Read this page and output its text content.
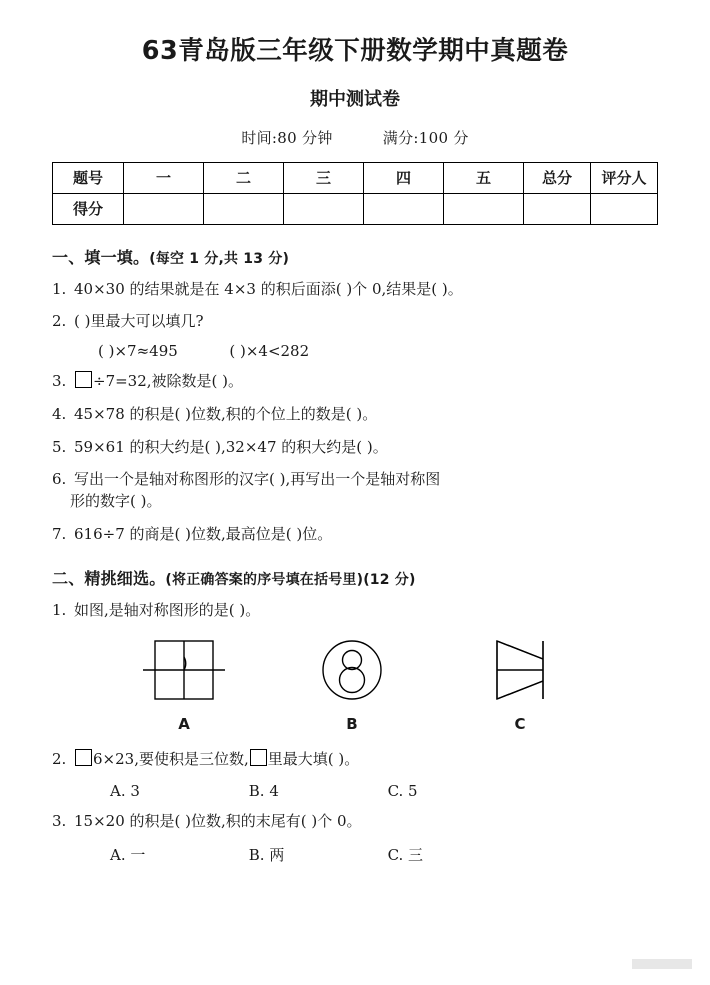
63青岛版三年级下册数学期中真题卷
期中测试卷
时间:80 分钟	满分:100 分
题号	一	二	三	四	五	总分	评分人
得分							
一、填一填。(每空 1 分,共 13 分)
1. 40×30 的结果就是在 4×3 的积后面添( )个 0,结果是( )。
2. ( )里最大可以填几?
( )×7≈495	( )×4<282
3. ÷7=32,被除数是( )。
4. 45×78 的积是( )位数,积的个位上的数是( )。
5. 59×61 的积大约是( ),32×47 的积大约是( )。
6. 写出一个是轴对称图形的汉字( ),再写出一个是轴对称图
形的数字( )。
7. 616÷7 的商是( )位数,最高位是( )位。
二、精挑细选。(将正确答案的序号填在括号里)(12 分)
1. 如图,是轴对称图形的是( )。
A	B	C
2. 6×23,要使积是三位数, 里最大填( )。
A. 3	B. 4	C. 5
3. 15×20 的积是( )位数,积的末尾有( )个 0。
A. 一	B. 两	C. 三
